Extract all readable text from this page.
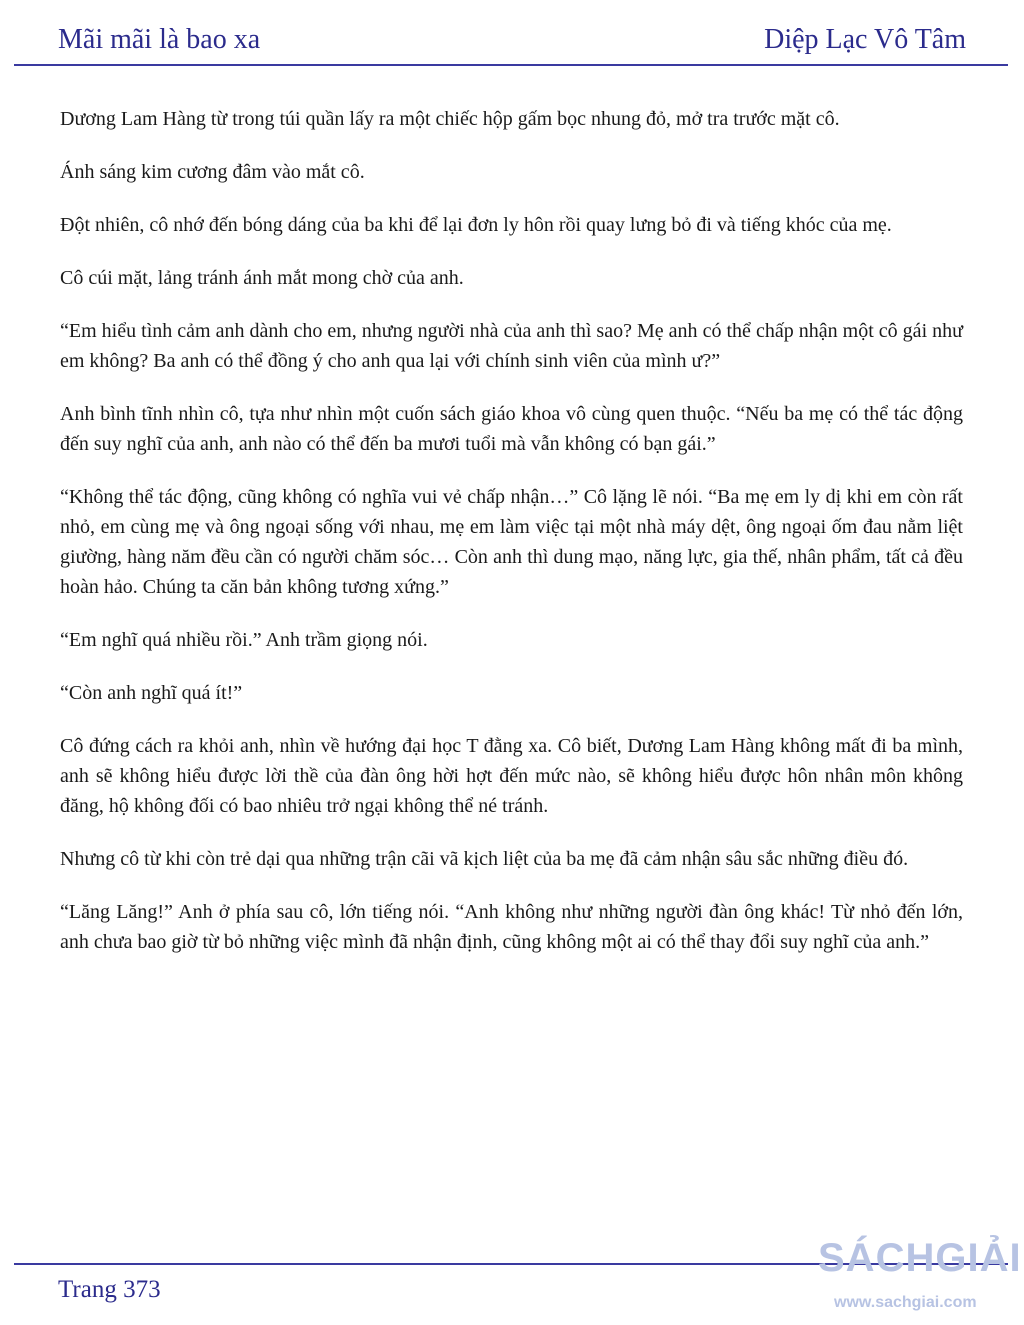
Mãi mãi là bao xa	Diệp Lạc Vô Tâm

Dương Lam Hàng từ trong túi quần lấy ra một chiếc hộp gấm bọc nhung đỏ, mở tra trước mặt cô.

Ánh sáng kim cương đâm vào mắt cô.

Đột nhiên, cô nhớ đến bóng dáng của ba khi để lại đơn ly hôn rồi quay lưng bỏ đi và tiếng khóc của mẹ.

Cô cúi mặt, lảng tránh ánh mắt mong chờ của anh.

“Em hiểu tình cảm anh dành cho em, nhưng người nhà của anh thì sao? Mẹ anh có thể chấp nhận một cô gái như em không? Ba anh có thể đồng ý cho anh qua lại với chính sinh viên của mình ư?”

Anh bình tĩnh nhìn cô, tựa như nhìn một cuốn sách giáo khoa vô cùng quen thuộc. “Nếu ba mẹ có thể tác động đến suy nghĩ của anh, anh nào có thể đến ba mươi tuổi mà vẫn không có bạn gái.”

“Không thể tác động, cũng không có nghĩa vui vẻ chấp nhận…” Cô lặng lẽ nói. “Ba mẹ em ly dị khi em còn rất nhỏ, em cùng mẹ và ông ngoại sống với nhau, mẹ em làm việc tại một nhà máy dệt, ông ngoại ốm đau nằm liệt giường, hàng năm đều cần có người chăm sóc… Còn anh thì dung mạo, năng lực, gia thế, nhân phẩm, tất cả đều hoàn hảo. Chúng ta căn bản không tương xứng.”

“Em nghĩ quá nhiều rồi.” Anh trầm giọng nói.

“Còn anh nghĩ quá ít!”

Cô đứng cách ra khỏi anh, nhìn về hướng đại học T đằng xa. Cô biết, Dương Lam Hàng không mất đi ba mình, anh sẽ không hiểu được lời thề của đàn ông hời hợt đến mức nào, sẽ không hiểu được hôn nhân môn không đăng, hộ không đối có bao nhiêu trở ngại không thể né tránh.

Nhưng cô từ khi còn trẻ dại qua những trận cãi vã kịch liệt của ba mẹ đã cảm nhận sâu sắc những điều đó.

“Lăng Lăng!” Anh ở phía sau cô, lớn tiếng nói. “Anh không như những người đàn ông khác! Từ nhỏ đến lớn, anh chưa bao giờ từ bỏ những việc mình đã nhận định, cũng không một ai có thể thay đổi suy nghĩ của anh.”

Trang 373
SÁCHGIẢI
www.sachgiai.com
